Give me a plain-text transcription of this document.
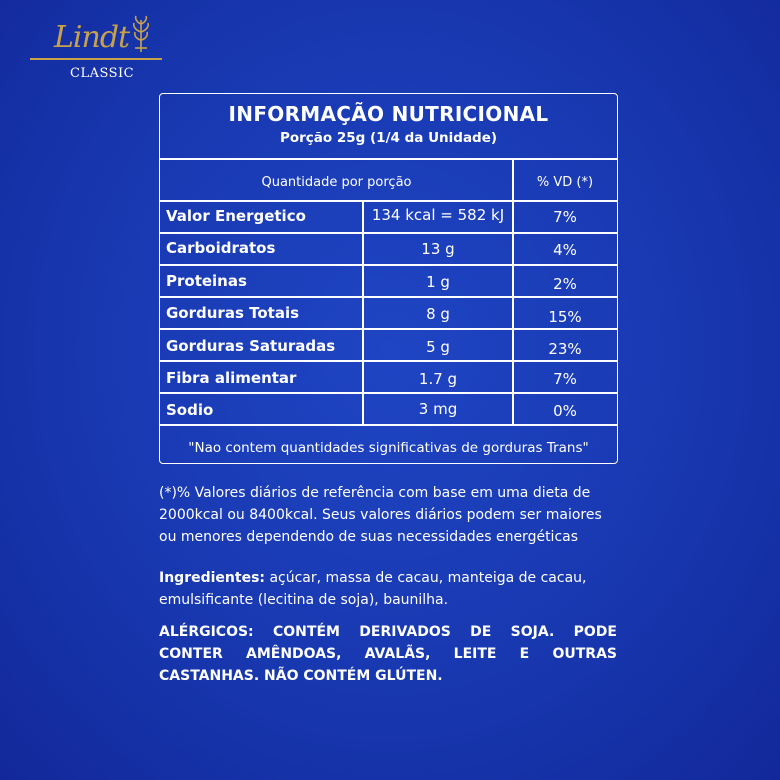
Lindt
CLASSIC
INFORMAÇÃO NUTRICIONAL
Porção 25g (1/4 da Unidade)
Quantidade por porção	% VD (*)
Valor Energetico	134 kcal = 582 kJ	7%
Carboidratos	13 g	4%
Proteinas	1 g	2%
Gorduras Totais	8 g	15%
Gorduras Saturadas	5 g	23%
Fibra alimentar	1.7 g	7%
Sodio	3 mg	0%
"Nao contem quantidades significativas de gorduras Trans"
(*)% Valores diários de referência com base em uma dieta de
2000kcal ou 8400kcal. Seus valores diários podem ser maiores
ou menores dependendo de suas necessidades energéticas
Ingredientes: açúcar, massa de cacau, manteiga de cacau,
emulsificante (lecitina de soja), baunilha.
ALÉRGICOS: CONTÉM DERIVADOS DE SOJA. PODE
CONTER AMÊNDOAS, AVALÃS, LEITE E OUTRAS
CASTANHAS. NÃO CONTÉM GLÚTEN.
